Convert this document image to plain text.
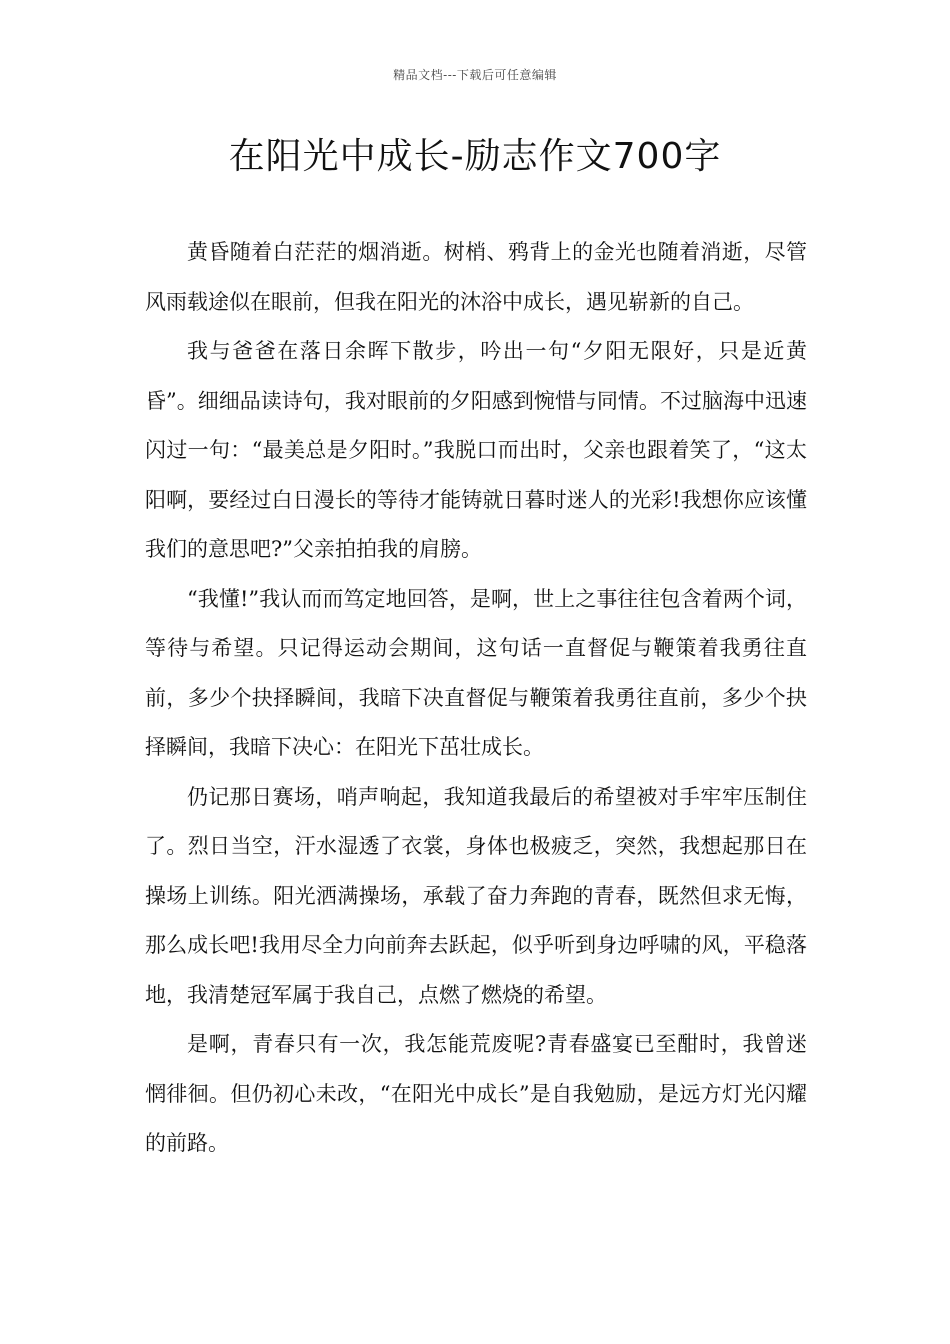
精品文档---下载后可任意编辑
在阳光中成长-励志作文700字

黄昏随着白茫茫的烟消逝。树梢、鸦背上的金光也随着消逝，尽管风雨载途似在眼前，但我在阳光的沐浴中成长，遇见崭新的自己。

我与爸爸在落日余晖下散步，吟出一句“夕阳无限好，只是近黄昏”。细细品读诗句，我对眼前的夕阳感到惋惜与同情。不过脑海中迅速闪过一句：“最美总是夕阳时。”我脱口而出时，父亲也跟着笑了，“这太阳啊，要经过白日漫长的等待才能铸就日暮时迷人的光彩!我想你应该懂我们的意思吧?”父亲拍拍我的肩膀。

“我懂!”我认而而笃定地回答，是啊，世上之事往往包含着两个词，等待与希望。只记得运动会期间，这句话一直督促与鞭策着我勇往直前，多少个抉择瞬间，我暗下决直督促与鞭策着我勇往直前，多少个抉择瞬间，我暗下决心：在阳光下茁壮成长。

仍记那日赛场，哨声响起，我知道我最后的希望被对手牢牢压制住了。烈日当空，汗水湿透了衣裳，身体也极疲乏，突然，我想起那日在操场上训练。阳光洒满操场，承载了奋力奔跑的青春，既然但求无悔，那么成长吧!我用尽全力向前奔去跃起，似乎听到身边呼啸的风，平稳落地，我清楚冠军属于我自己，点燃了燃烧的希望。

是啊，青春只有一次，我怎能荒废呢?青春盛宴已至酣时，我曾迷惘徘徊。但仍初心未改，“在阳光中成长”是自我勉励，是远方灯光闪耀的前路。
